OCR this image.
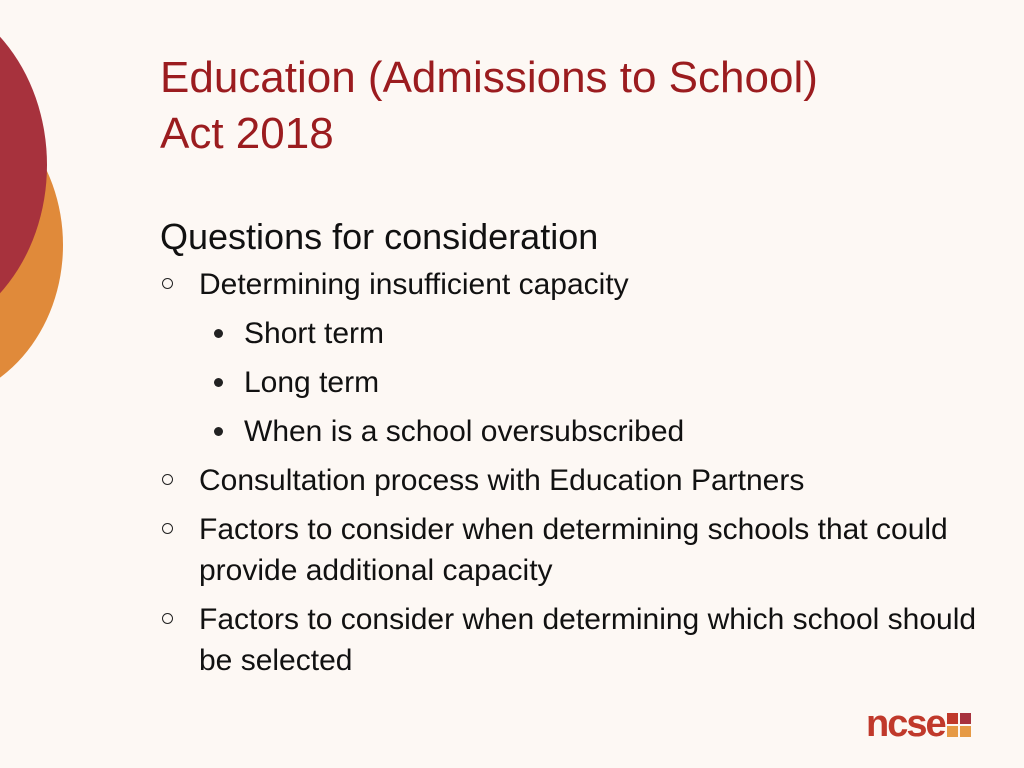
Education (Admissions to School)
Act 2018
Questions for consideration
Determining insufficient capacity
Short term
Long term
When is a school oversubscribed
Consultation process with Education Partners
Factors to consider when determining schools that could provide additional capacity
Factors to consider when determining which school should be selected
ncse
